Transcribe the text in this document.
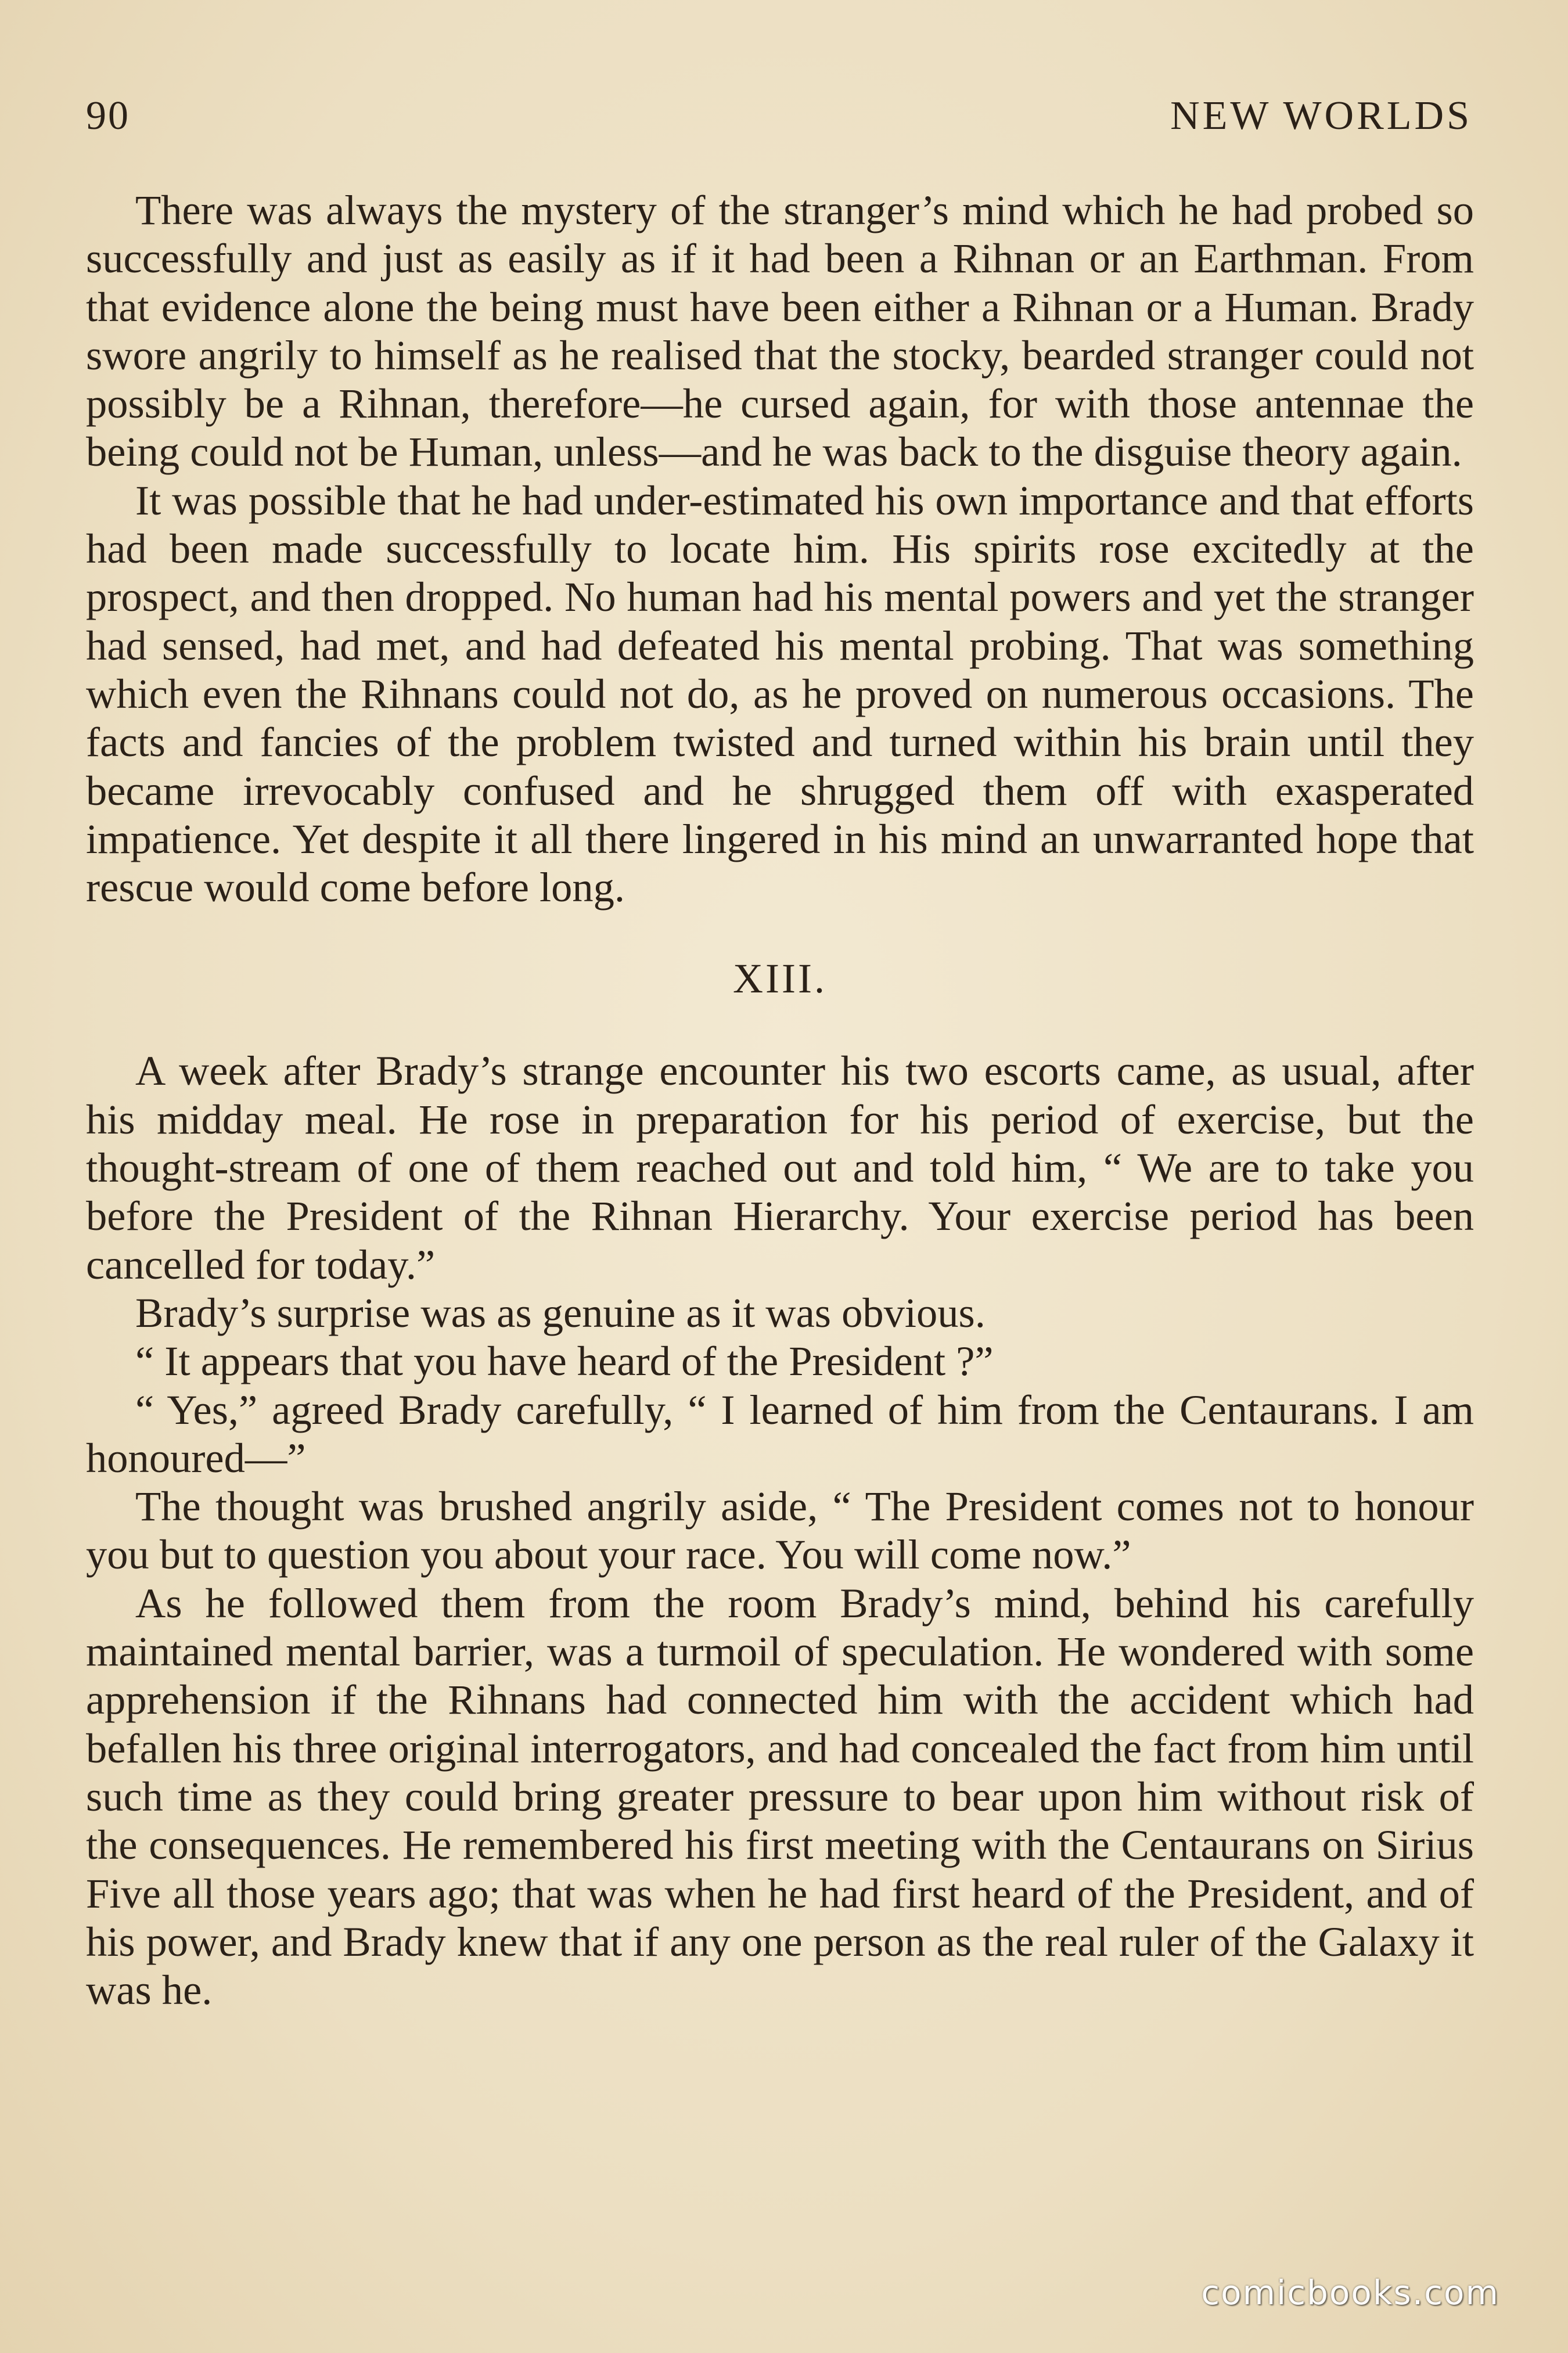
90	NEW WORLDS

There was always the mystery of the stranger’s mind which he had probed so successfully and just as easily as if it had been a Rihnan or an Earthman. From that evidence alone the being must have been either a Rihnan or a Human. Brady swore angrily to himself as he realised that the stocky, bearded stranger could not possibly be a Rihnan, therefore—he cursed again, for with those antennae the being could not be Human, unless—and he was back to the disguise theory again.

It was possible that he had under-estimated his own importance and that efforts had been made successfully to locate him. His spirits rose excitedly at the prospect, and then dropped. No human had his mental powers and yet the stranger had sensed, had met, and had defeated his mental probing. That was something which even the Rihnans could not do, as he proved on numerous occasions. The facts and fancies of the problem twisted and turned within his brain until they became irrevocably confused and he shrugged them off with exasperated impatience. Yet despite it all there lingered in his mind an unwarranted hope that rescue would come before long.

XIII.

A week after Brady’s strange encounter his two escorts came, as usual, after his midday meal. He rose in preparation for his period of exercise, but the thought-stream of one of them reached out and told him, “ We are to take you before the President of the Rihnan Hierarchy. Your exercise period has been cancelled for today.”

Brady’s surprise was as genuine as it was obvious.

“ It appears that you have heard of the President ?”

“ Yes,” agreed Brady carefully, “ I learned of him from the Centaurans. I am honoured—”

The thought was brushed angrily aside, “ The President comes not to honour you but to question you about your race. You will come now.”

As he followed them from the room Brady’s mind, behind his carefully maintained mental barrier, was a turmoil of speculation. He wondered with some apprehension if the Rihnans had connected him with the accident which had befallen his three original interrogators, and had concealed the fact from him until such time as they could bring greater pressure to bear upon him without risk of the consequences. He remembered his first meeting with the Centaurans on Sirius Five all those years ago; that was when he had first heard of the President, and of his power, and Brady knew that if any one person as the real ruler of the Galaxy it was he.

comicbooks.com
